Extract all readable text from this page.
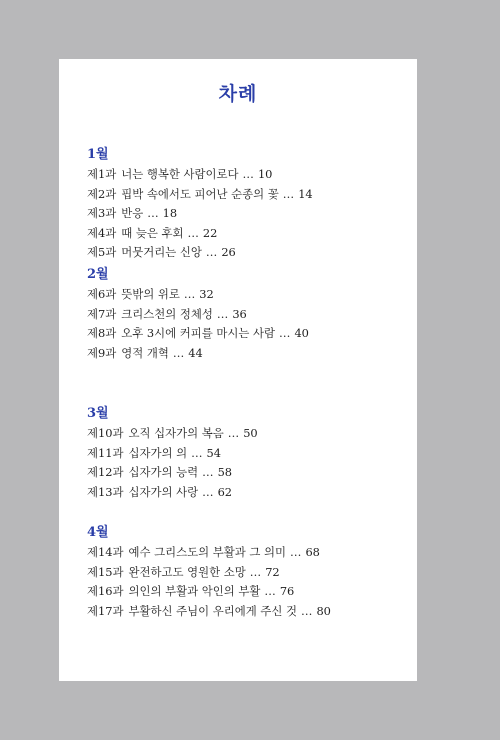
차례
1월
제1과 너는 행복한 사람이로다 … 10
제2과 핍박 속에서도 피어난 순종의 꽃 … 14
제3과 반응 … 18
제4과 때 늦은 후회 … 22
제5과 머뭇거리는 신앙 … 26
2월
제6과 뜻밖의 위로 … 32
제7과 크리스천의 정체성 … 36
제8과 오후 3시에 커피를 마시는 사람 … 40
제9과 영적 개혁 … 44
3월
제10과 오직 십자가의 복음 … 50
제11과 십자가의 의 … 54
제12과 십자가의 능력 … 58
제13과 십자가의 사랑 … 62
4월
제14과 예수 그리스도의 부활과 그 의미 … 68
제15과 완전하고도 영원한 소망 … 72
제16과 의인의 부활과 악인의 부활 … 76
제17과 부활하신 주님이 우리에게 주신 것 … 80
